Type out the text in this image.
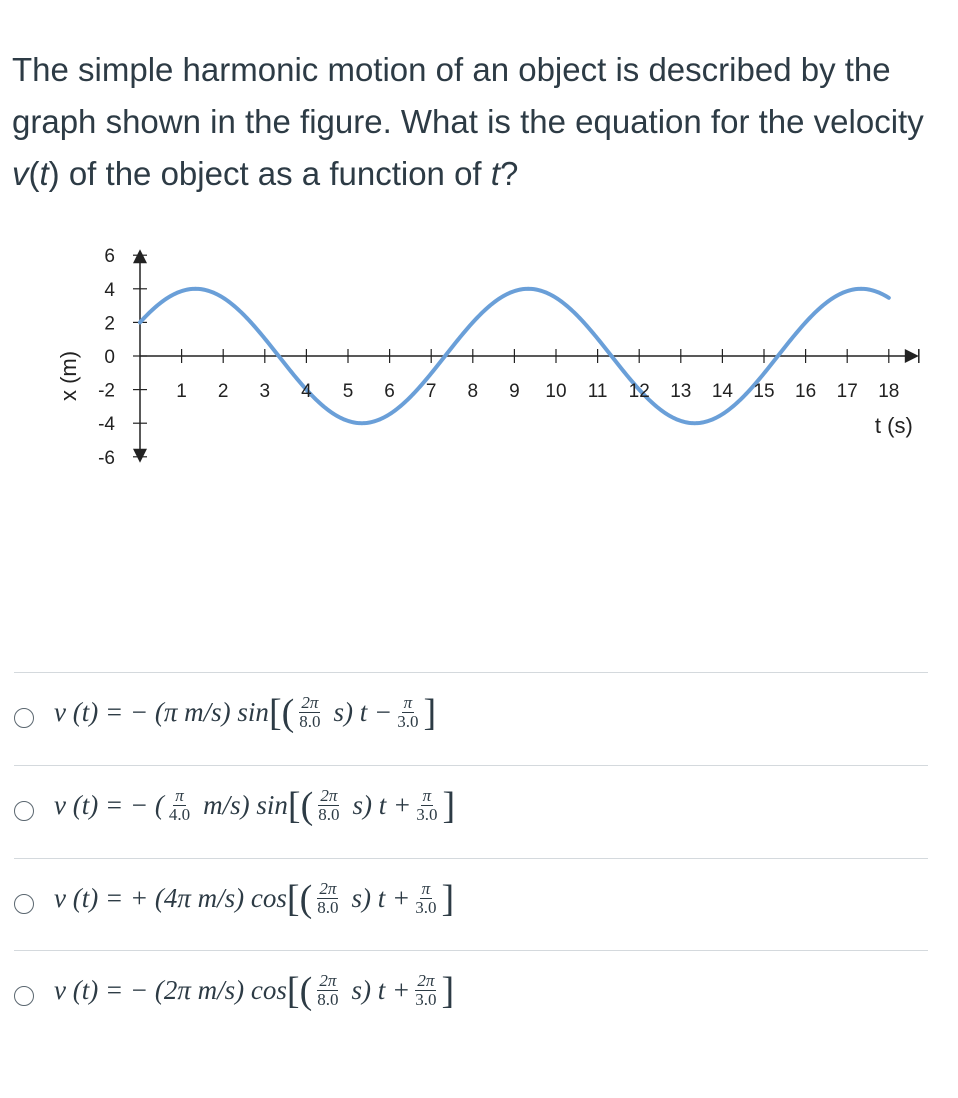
The simple harmonic motion of an object is described by the graph shown in the figure. What is the equation for the velocity v(t) of the object as a function of t?
1 2 3 4 5 6 7 8 9 10 11 12 13 14 15 16 17 18
6
4
2
0
-2
-4
-6
t (s)
x (m)
v (t) = − (π m/s) sin [ ( $\frac{2\pi}{8.0} s$) $t - \frac{\pi}{3.0}$ ]
v (t) = − ( $\frac{\pi}{4.0} m/s$) sin [ ( $\frac{2\pi}{8.0} s$) $t + \frac{\pi}{3.0}$ ]
v (t) = + (4π m/s) cos [ ( $\frac{2\pi}{8.0} s$) $t + \frac{\pi}{3.0}$ ]
v (t) = − (2π m/s) cos [ ( $\frac{2\pi}{8.0} s$) $t + \frac{2\pi}{3.0}$ ]
